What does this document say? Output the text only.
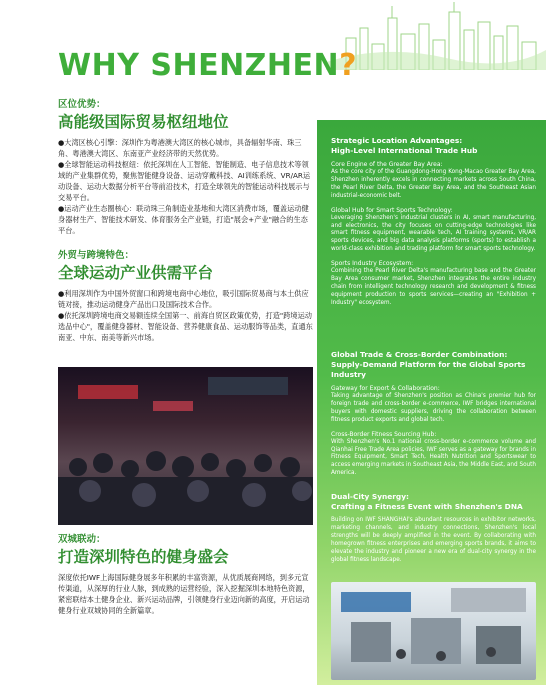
WHY SHENZHEN?

区位优势：

高能级国际贸易枢纽地位

●大湾区核心引擎：深圳作为粤港澳大湾区的核心城市，具备辐射华南、珠三角、粤港澳大湾区、东南亚产业经济带的天然优势。

●全球智能运动科技枢纽：依托深圳在人工智能、智能制造、电子信息技术等领域的产业集群优势，聚焦智能健身设备、运动穿戴科技、AI训练系统、VR/AR运动设备、运动大数据分析平台等前沿技术，打造全球领先的智能运动科技展示与交易平台。

●运动产业生态圈核心：联动珠三角制造业基地和大湾区消费市场，覆盖运动健身器材生产、智能技术研发、体育服务全产业链，打造"展会+产业"融合的生态平台。

外贸与跨境特色：

全球运动产业供需平台

●利用深圳作为中国外贸窗口和跨境电商中心地位，吸引国际贸易商与本土供应链对接，推动运动健身产品出口及国际技术合作。

●依托深圳跨境电商交易额连续全国第一、前海自贸区政策优势，打造"跨境运动选品中心"，覆盖健身器材、智能设备、营养健康食品、运动服饰等品类，直通东南亚、中东、南美等新兴市场。

双城联动：

打造深圳特色的健身盛会

深度依托IWF上海国际健身展多年积累的丰富资源，从优质展商网络，到多元宣传渠道，从深厚的行业人脉，到成熟的运营经验，深入挖掘深圳本地特色资源，紧密联结本土健身企业、新兴运动品牌，引领健身行业迈向新的高度，开启运动健身行业双城协同的全新篇章。

Strategic Location Advantages:

High-Level International Trade Hub

Core Engine of the Greater Bay Area:

As the core city of the Guangdong-Hong Kong-Macao Greater Bay Area, Shenzhen inherently excels in connecting markets across South China, the Pearl River Delta, the Greater Bay Area, and the Southeast Asian industrial-economic belt.

Global Hub for Smart Sports Technology:

Leveraging Shenzhen's industrial clusters in AI, smart manufacturing, and electronics, the city focuses on cutting-edge technologies like smart fitness equipment, wearable tech, AI training systems, VR/AR sports devices, and big data analysis platforms (sports) to establish a world-class exhibition and trading platform for smart sports technology.

Sports Industry Ecosystem:

Combining the Pearl River Delta's manufacturing base and the Greater Bay Area consumer market, Shenzhen integrates the entire industry chain from intelligent technology research and development & fitness equipment production to sports services—creating an "Exhibition + Industry" ecosystem.

Global Trade & Cross-Border Combination:

Supply-Demand Platform for the Global Sports Industry

Gateway for Export & Collaboration:

Taking advantage of Shenzhen's position as China's premier hub for foreign trade and cross-border e-commerce, IWF bridges international buyers with domestic suppliers, driving the collaboration between fitness product exports and global tech.

Cross-Border Fitness Sourcing Hub:

With Shenzhen's No.1 national cross-border e-commerce volume and Qianhai Free Trade Area policies, IWF serves as a gateway for brands in Fitness Equipment, Smart Tech, Health Nutrition and Sportswear to access emerging markets in Southeast Asia, the Middle East, and South America.

Dual-City Synergy:

Crafting a Fitness Event with Shenzhen's DNA

Building on IWF SHANGHAI's abundant resources in exhibitor networks, marketing channels, and industry connections, Shenzhen's local strengths will be deeply amplified in the event. By collaborating with homegrown fitness enterprises and emerging sports brands, it aims to elevate the industry and pioneer a new era of dual-city synergy in the global fitness landscape.
